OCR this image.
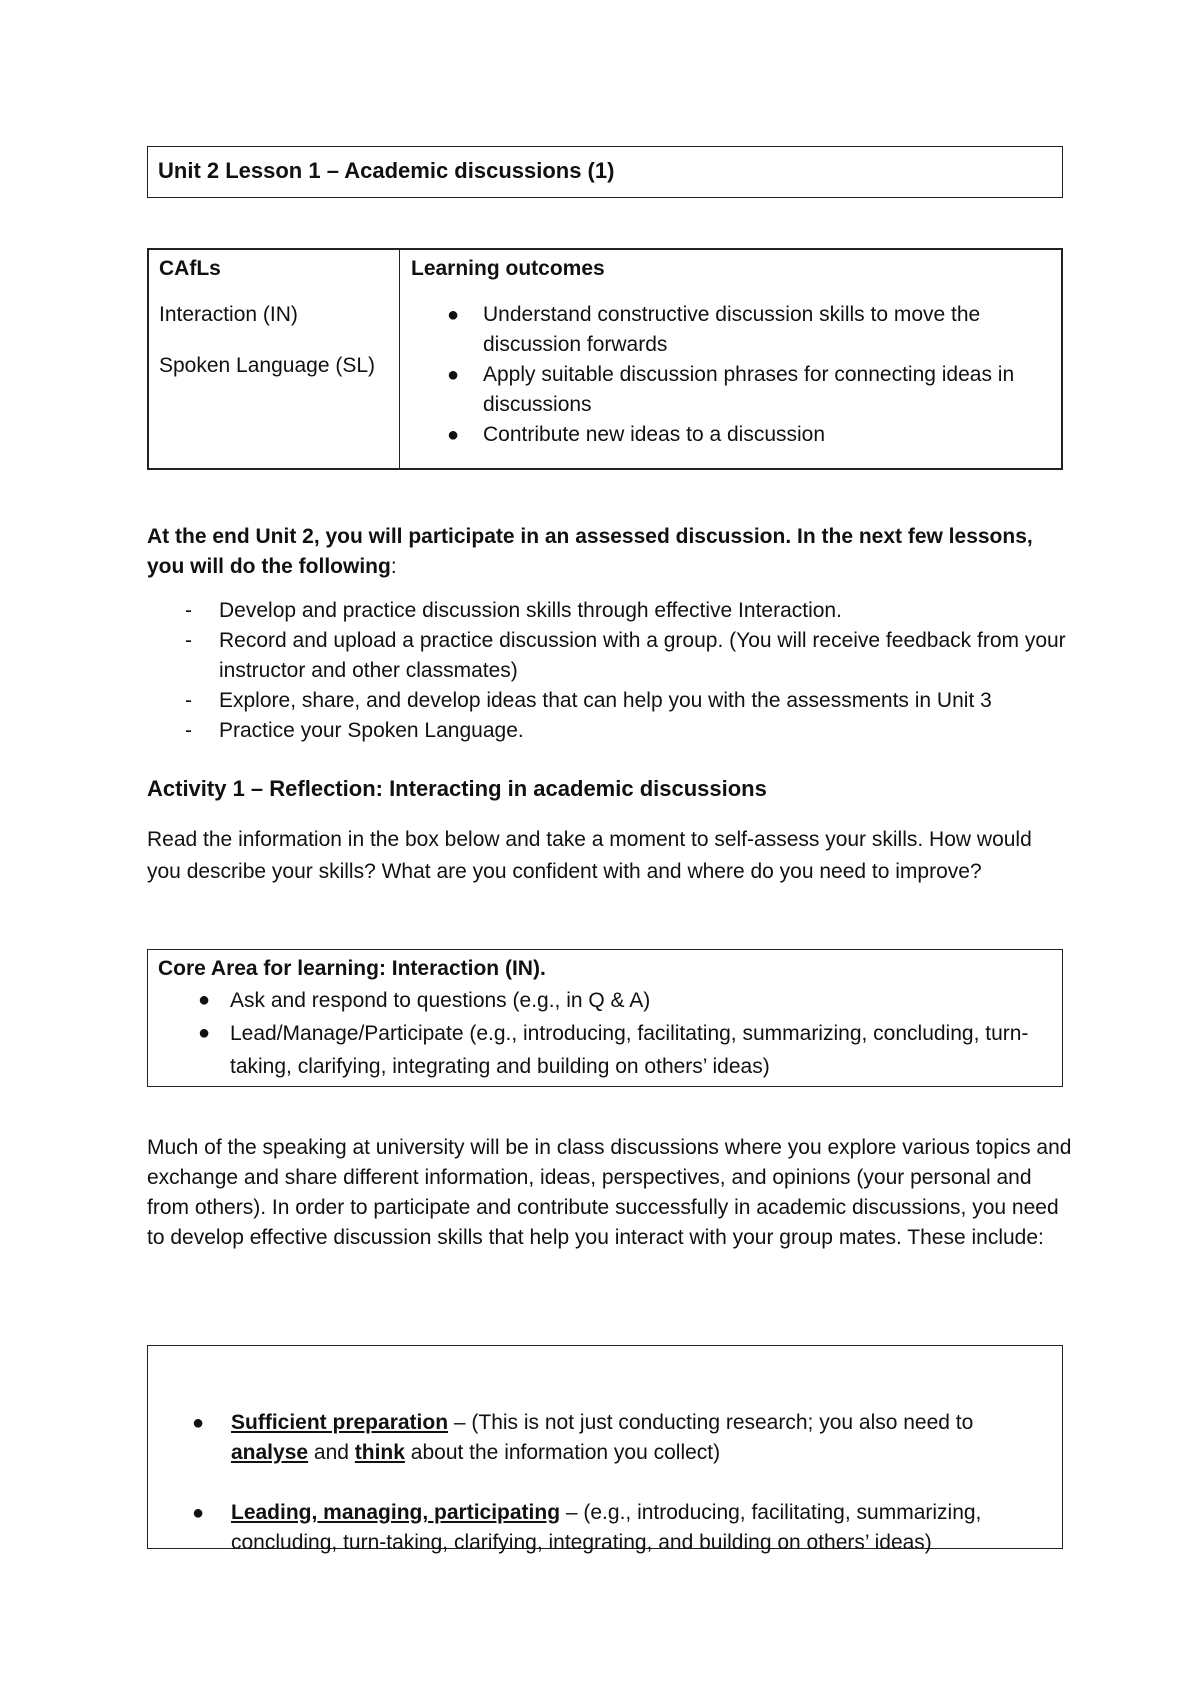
Unit 2 Lesson 1 – Academic discussions (1)

CAfLs

Interaction (IN)

Spoken Language (SL)

Learning outcomes

● Understand constructive discussion skills to move the discussion forwards
● Apply suitable discussion phrases for connecting ideas in discussions
● Contribute new ideas to a discussion
At the end Unit 2, you will participate in an assessed discussion. In the next few lessons, you will do the following:
- Develop and practice discussion skills through effective Interaction.
- Record and upload a practice discussion with a group. (You will receive feedback from your instructor and other classmates)
- Explore, share, and develop ideas that can help you with the assessments in Unit 3
- Practice your Spoken Language.
Activity 1 – Reflection: Interacting in academic discussions
Read the information in the box below and take a moment to self-assess your skills. How would you describe your skills? What are you confident with and where do you need to improve?
Core Area for learning: Interaction (IN).
● Ask and respond to questions (e.g., in Q & A)
● Lead/Manage/Participate (e.g., introducing, facilitating, summarizing, concluding, turn-taking, clarifying, integrating and building on others’ ideas)
Much of the speaking at university will be in class discussions where you explore various topics and exchange and share different information, ideas, perspectives, and opinions (your personal and from others). In order to participate and contribute successfully in academic discussions, you need to develop effective discussion skills that help you interact with your group mates. These include:
● Sufficient preparation – (This is not just conducting research; you also need to analyse and think about the information you collect)
● Leading, managing, participating – (e.g., introducing, facilitating, summarizing, concluding, turn-taking, clarifying, integrating, and building on others’ ideas)
